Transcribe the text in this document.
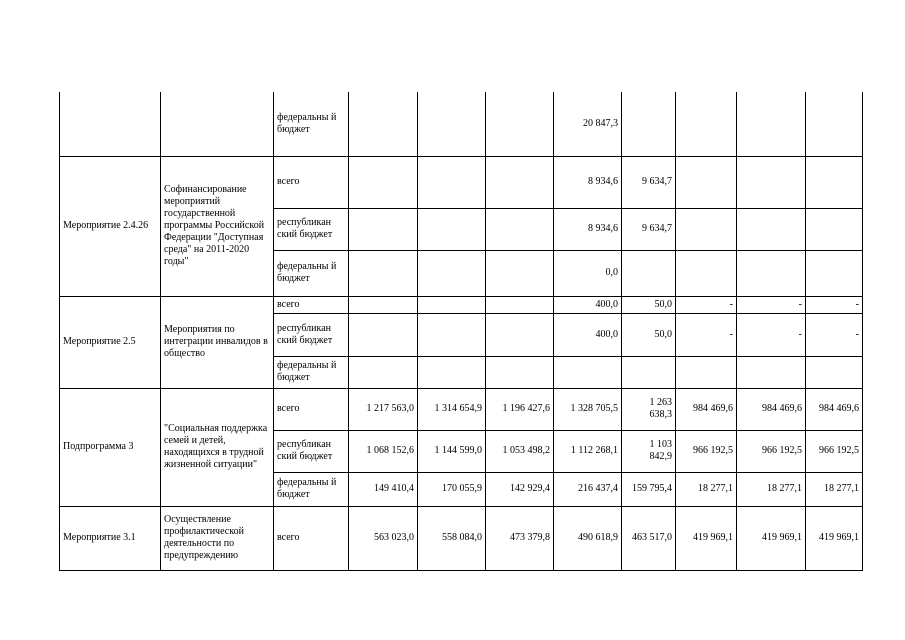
		федеральны й бюджет				20 847,3				
Мероприятие 2.4.26	Софинансирование мероприятий государственной программы Российской Федерации "Доступная среда" на 2011-2020 годы"	всего				8 934,6	9 634,7			
		республикан ский бюджет				8 934,6	9 634,7			
		федеральны й бюджет				0,0				
Мероприятие 2.5	Мероприятия по интеграции инвалидов в общество	всего				400,0	50,0	-	-	-
		республикан ский бюджет				400,0	50,0	-	-	-
		федеральны й бюджет								
Подпрограмма 3	"Социальная поддержка семей и детей, находящихся в трудной жизненной ситуации"	всего	1 217 563,0	1 314 654,9	1 196 427,6	1 328 705,5	1 263 638,3	984 469,6	984 469,6	984 469,6
		республикан ский бюджет	1 068 152,6	1 144 599,0	1 053 498,2	1 112 268,1	1 103 842,9	966 192,5	966 192,5	966 192,5
		федеральны й бюджет	149 410,4	170 055,9	142 929,4	216 437,4	159 795,4	18 277,1	18 277,1	18 277,1
Мероприятие 3.1	Осуществление профилактической деятельности по предупреждению	всего	563 023,0	558 084,0	473 379,8	490 618,9	463 517,0	419 969,1	419 969,1	419 969,1
